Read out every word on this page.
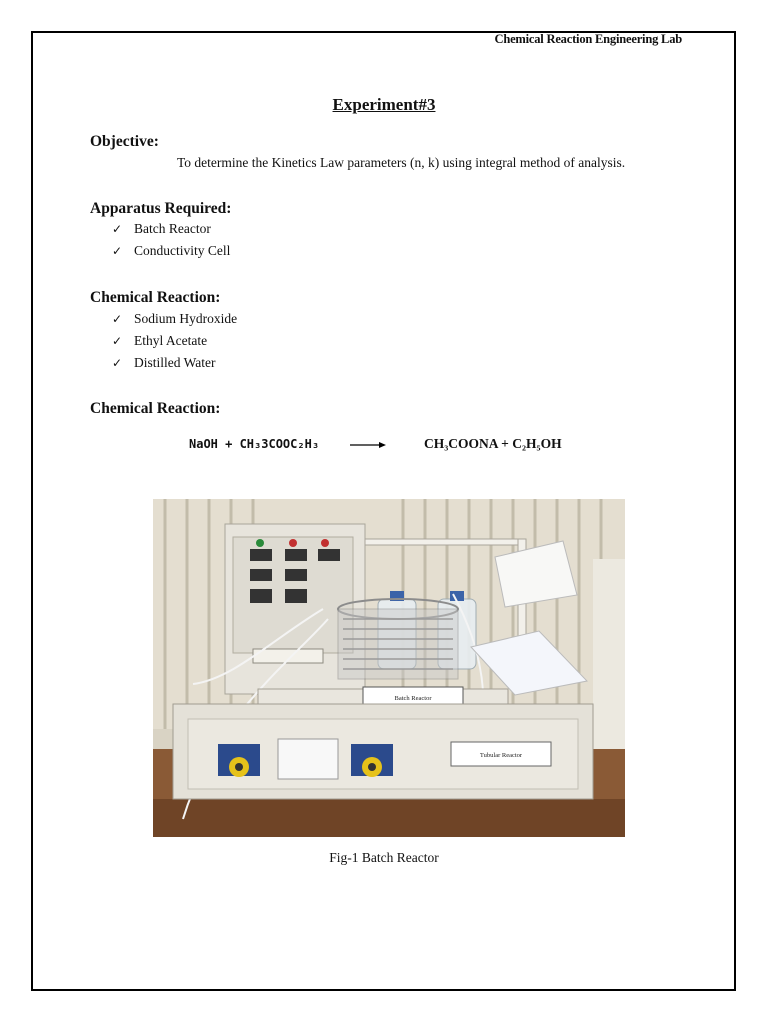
Chemical Reaction Engineering Lab
Experiment#3
Objective:
To determine the Kinetics Law parameters (n, k) using integral method of analysis.
Apparatus Required:
✓ Batch Reactor
✓ Conductivity Cell
Chemical Reaction:
✓ Sodium Hydroxide
✓ Ethyl Acetate
✓ Distilled Water
Chemical Reaction:
NaOH + CH₃3COOC₂H₃	CH₃COONA + C₂H₅OH
Batch Reactor
Tubular Reactor
Fig-1 Batch Reactor
